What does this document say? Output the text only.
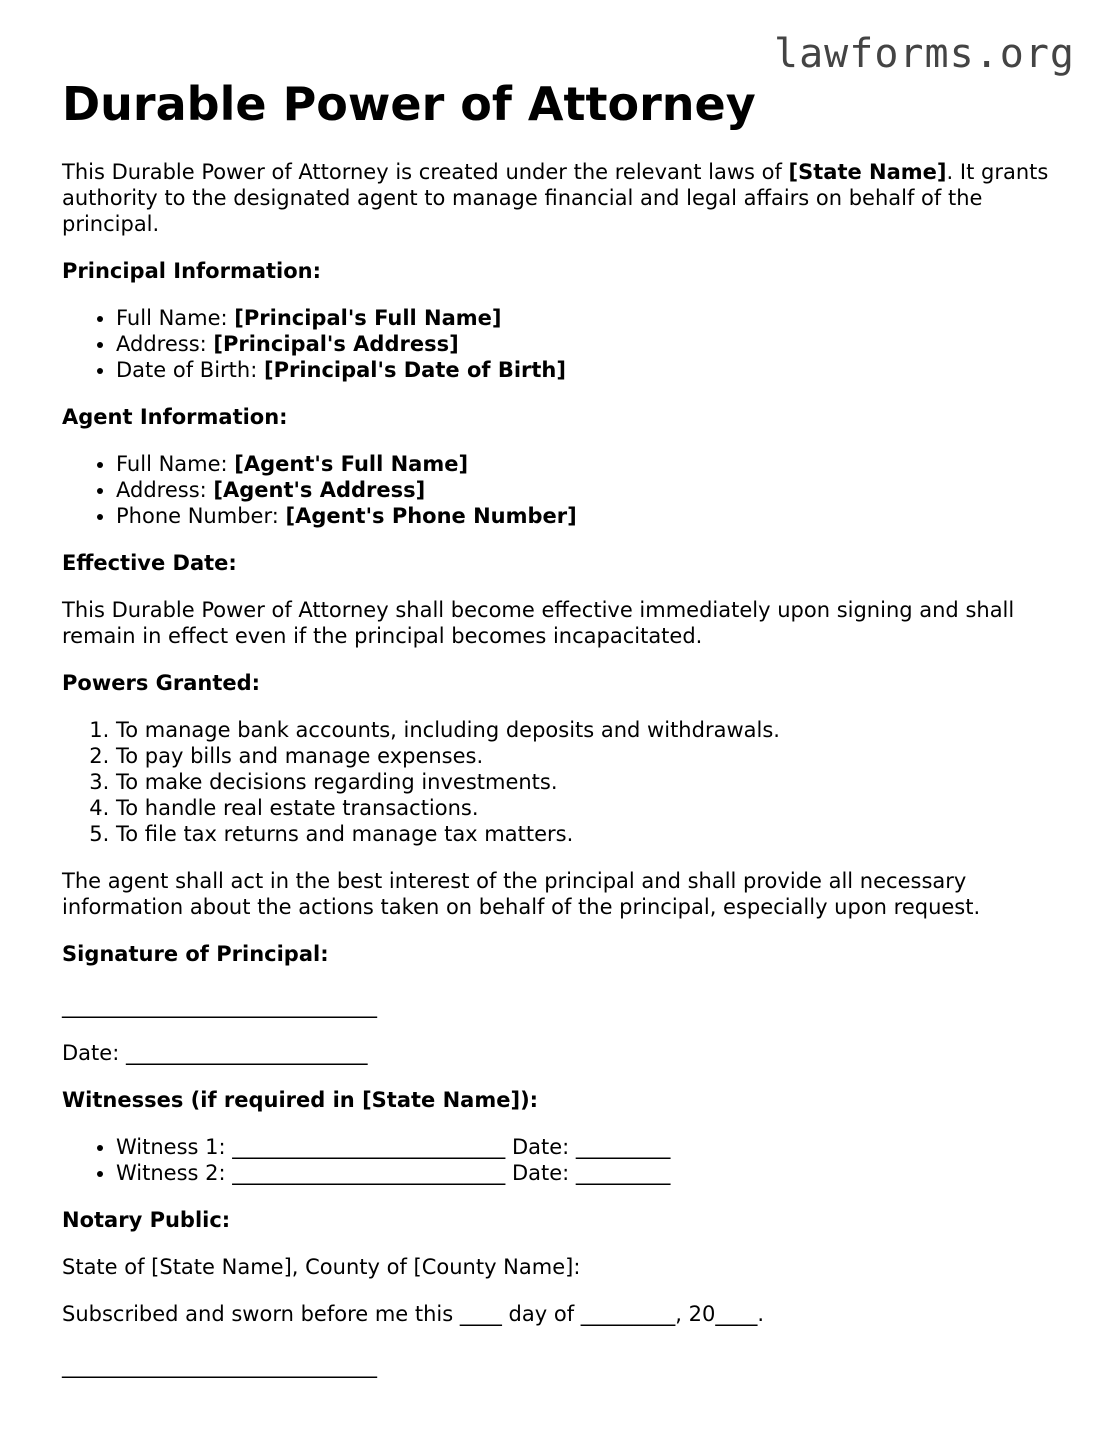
lawforms.org
Durable Power of Attorney

This Durable Power of Attorney is created under the relevant laws of [State Name]. It grants authority to the designated agent to manage financial and legal affairs on behalf of the principal.

Principal Information:
• Full Name: [Principal's Full Name]
• Address: [Principal's Address]
• Date of Birth: [Principal's Date of Birth]
Agent Information:
• Full Name: [Agent's Full Name]
• Address: [Agent's Address]
• Phone Number: [Agent's Phone Number]
Effective Date:

This Durable Power of Attorney shall become effective immediately upon signing and shall remain in effect even if the principal becomes incapacitated.

Powers Granted:
1. To manage bank accounts, including deposits and withdrawals.
2. To pay bills and manage expenses.
3. To make decisions regarding investments.
4. To handle real estate transactions.
5. To file tax returns and manage tax matters.

The agent shall act in the best interest of the principal and shall provide all necessary information about the actions taken on behalf of the principal, especially upon request.

Signature of Principal:

______________________________

Date: _______________________

Witnesses (if required in [State Name]):
• Witness 1: __________________________ Date: _________
• Witness 2: __________________________ Date: _________
Notary Public:

State of [State Name], County of [County Name]:

Subscribed and sworn before me this ____ day of _________, 20____.

______________________________
